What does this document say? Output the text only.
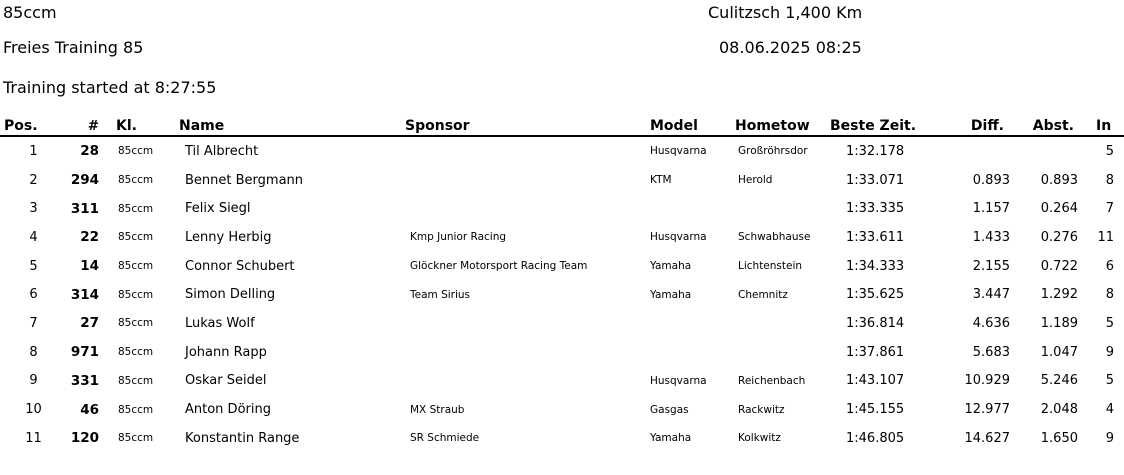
85ccm	Culitzsch 1,400 Km
Freies Training 85	08.06.2025 08:25
Training started at 8:27:55
Pos.	#	Kl.	Name	Sponsor	Model	Hometow	Beste Zeit.	Diff.	Abst.	In
1	28	85ccm	Til Albrecht		Husqvarna	Großröhrsdor	1:32.178			5
2	294	85ccm	Bennet Bergmann		KTM	Herold	1:33.071	0.893	0.893	8
3	311	85ccm	Felix Siegl				1:33.335	1.157	0.264	7
4	22	85ccm	Lenny Herbig	Kmp Junior Racing	Husqvarna	Schwabhause	1:33.611	1.433	0.276	11
5	14	85ccm	Connor Schubert	Glöckner Motorsport Racing Team	Yamaha	Lichtenstein	1:34.333	2.155	0.722	6
6	314	85ccm	Simon Delling	Team Sirius	Yamaha	Chemnitz	1:35.625	3.447	1.292	8
7	27	85ccm	Lukas Wolf				1:36.814	4.636	1.189	5
8	971	85ccm	Johann Rapp				1:37.861	5.683	1.047	9
9	331	85ccm	Oskar Seidel		Husqvarna	Reichenbach	1:43.107	10.929	5.246	5
10	46	85ccm	Anton Döring	MX Straub	Gasgas	Rackwitz	1:45.155	12.977	2.048	4
11	120	85ccm	Konstantin Range	SR Schmiede	Yamaha	Kolkwitz	1:46.805	14.627	1.650	9
